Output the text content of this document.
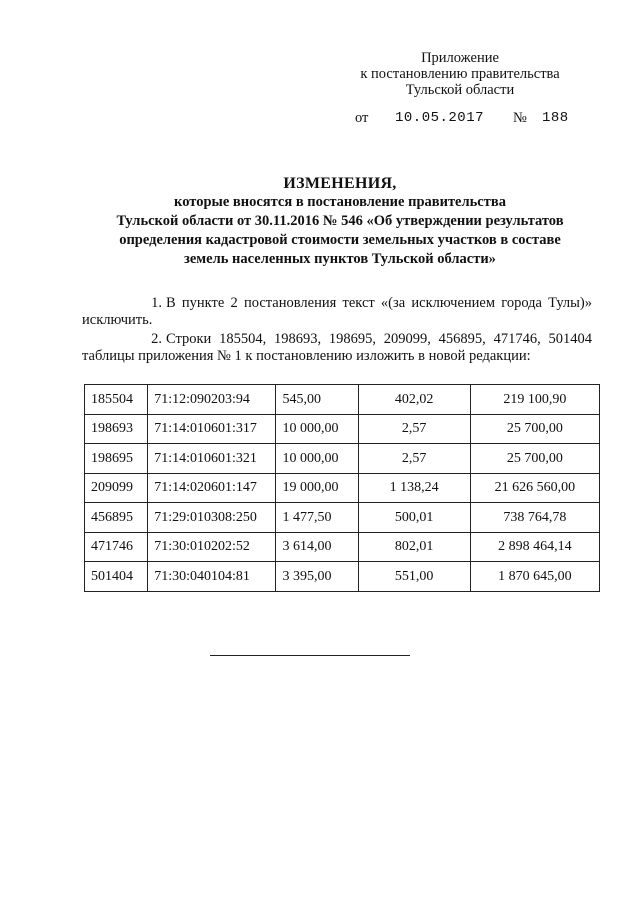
Приложение
к постановлению правительства
Тульской области
от 10.05.2017 № 188
ИЗМЕНЕНИЯ,
которые вносятся в постановление правительства
Тульской области от 30.11.2016 № 546 «Об утверждении результатов
определения кадастровой стоимости земельных участков в составе
земель населенных пунктов Тульской области»
1. В пункте 2 постановления текст «(за исключением города Тулы)» исключить.
2. Строки 185504, 198693, 198695, 209099, 456895, 471746, 501404 таблицы приложения № 1 к постановлению изложить в новой редакции:
185504	71:12:090203:94	545,00	402,02	219 100,90
198693	71:14:010601:317	10 000,00	2,57	25 700,00
198695	71:14:010601:321	10 000,00	2,57	25 700,00
209099	71:14:020601:147	19 000,00	1 138,24	21 626 560,00
456895	71:29:010308:250	1 477,50	500,01	738 764,78
471746	71:30:010202:52	3 614,00	802,01	2 898 464,14
501404	71:30:040104:81	3 395,00	551,00	1 870 645,00
